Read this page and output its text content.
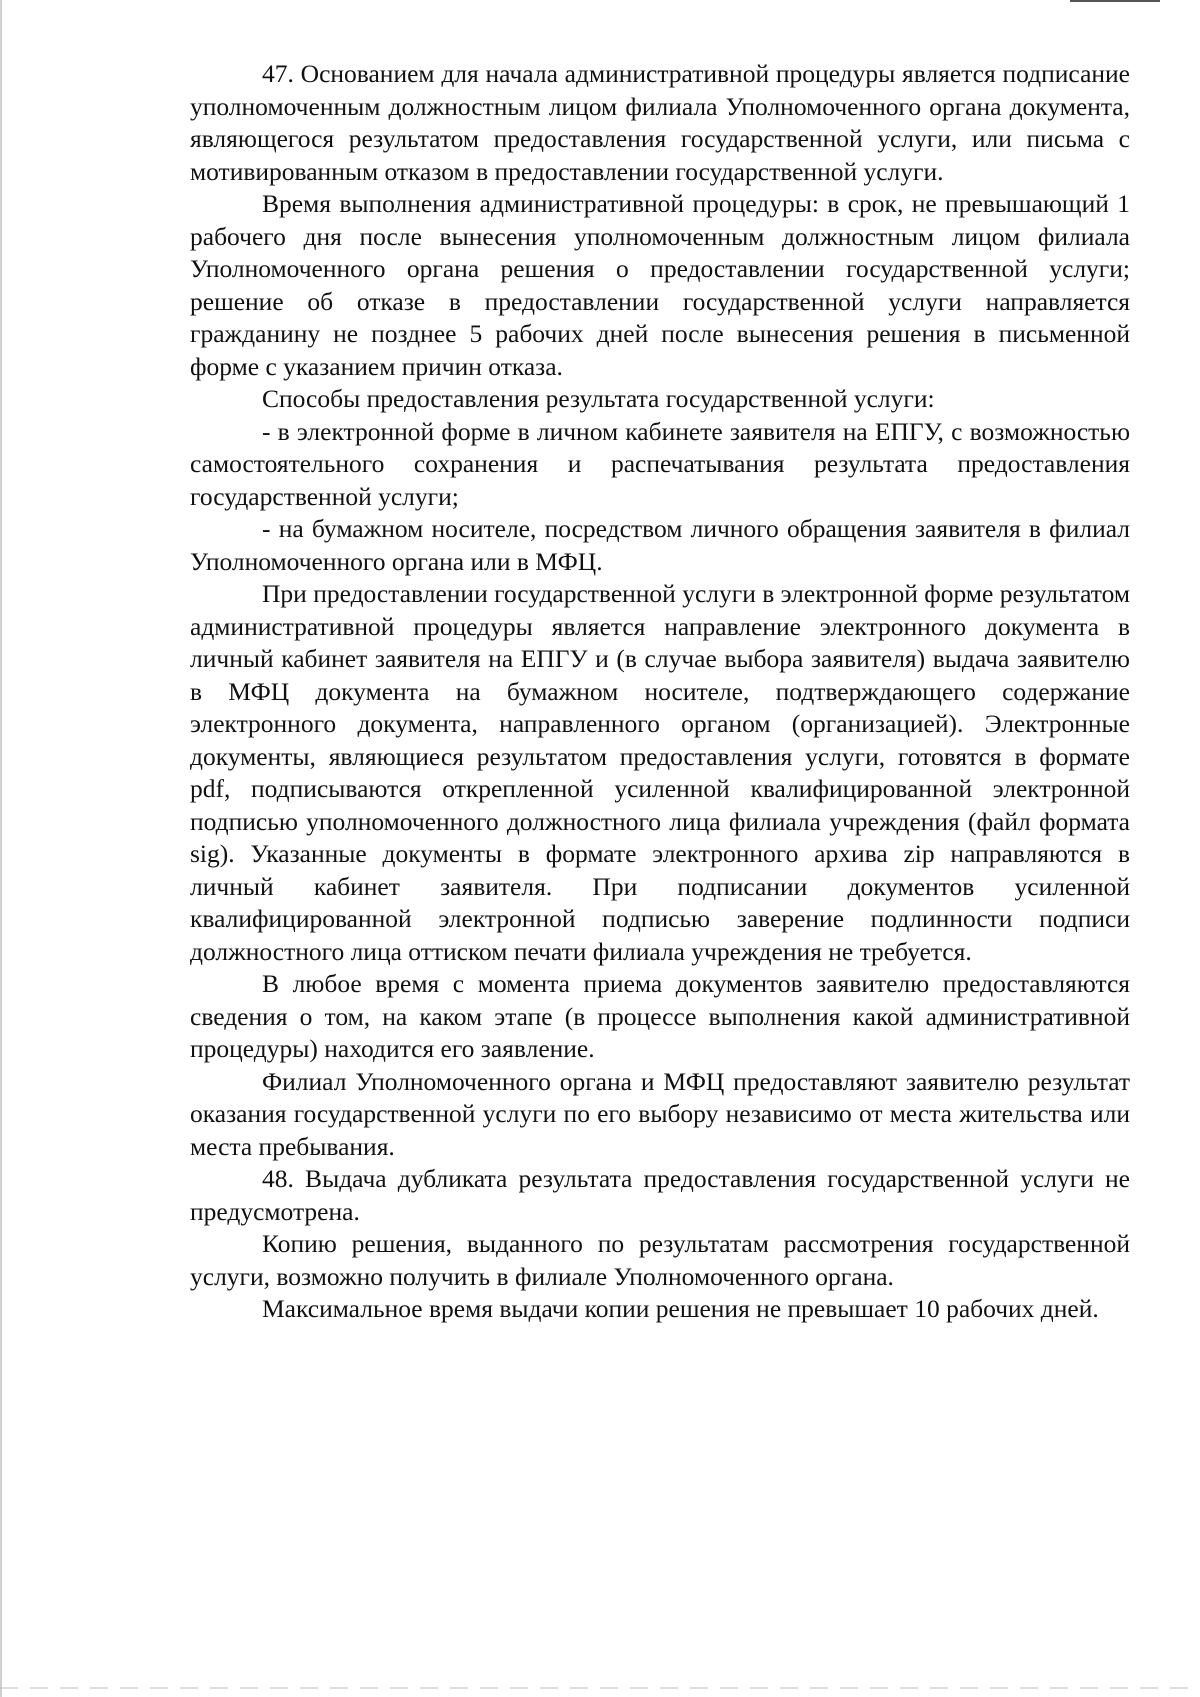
47. Основанием для начала административной процедуры является подписание уполномоченным должностным лицом филиала Уполномоченного органа документа, являющегося результатом предоставления государственной услуги, или письма с мотивированным отказом в предоставлении государственной услуги.

Время выполнения административной процедуры: в срок, не превышающий 1 рабочего дня после вынесения уполномоченным должностным лицом филиала Уполномоченного органа решения о предоставлении государственной услуги; решение об отказе в предоставлении государственной услуги направляется гражданину не позднее 5 рабочих дней после вынесения решения в письменной форме с указанием причин отказа.

Способы предоставления результата государственной услуги:

- в электронной форме в личном кабинете заявителя на ЕПГУ, с возможностью самостоятельного сохранения и распечатывания результата предоставления государственной услуги;

- на бумажном носителе, посредством личного обращения заявителя в филиал Уполномоченного органа или в МФЦ.

При предоставлении государственной услуги в электронной форме результатом административной процедуры является направление электронного документа в личный кабинет заявителя на ЕПГУ и (в случае выбора заявителя) выдача заявителю в МФЦ документа на бумажном носителе, подтверждающего содержание электронного документа, направленного органом (организацией). Электронные документы, являющиеся результатом предоставления услуги, готовятся в формате pdf, подписываются открепленной усиленной квалифицированной электронной подписью уполномоченного должностного лица филиала учреждения (файл формата sig). Указанные документы в формате электронного архива zip направляются в личный кабинет заявителя. При подписании документов усиленной квалифицированной электронной подписью заверение подлинности подписи должностного лица оттиском печати филиала учреждения не требуется.

В любое время с момента приема документов заявителю предоставляются сведения о том, на каком этапе (в процессе выполнения какой административной процедуры) находится его заявление.

Филиал Уполномоченного органа и МФЦ предоставляют заявителю результат оказания государственной услуги по его выбору независимо от места жительства или места пребывания.

48. Выдача дубликата результата предоставления государственной услуги не предусмотрена.

Копию решения, выданного по результатам рассмотрения государственной услуги, возможно получить в филиале Уполномоченного органа.

Максимальное время выдачи копии решения не превышает 10 рабочих дней.
